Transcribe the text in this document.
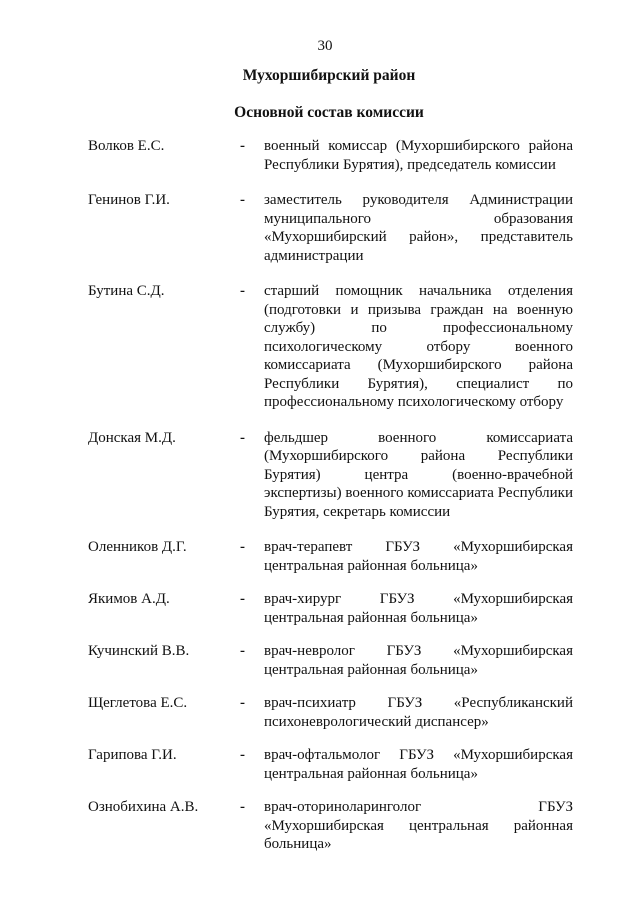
30
Мухоршибирский район
Основной состав комиссии
Волков Е.С.	-	военный комиссар (Мухоршибирского района Республики Бурятия), председатель комиссии
Генинов Г.И.	-	заместитель руководителя Администрации муниципального образования «Мухоршибирский район», представитель администрации
Бутина С.Д.	-	старший помощник начальника отделения (подготовки и призыва граждан на военную службу) по профессиональному психологическому отбору военного комиссариата (Мухоршибирского района Республики Бурятия), специалист по профессиональному психологическому отбору
Донская М.Д.	-	фельдшер военного комиссариата (Мухоршибирского района Республики Бурятия) центра (военно-врачебной экспертизы) военного комиссариата Республики Бурятия, секретарь комиссии
Оленников Д.Г.	-	врач-терапевт ГБУЗ «Мухоршибирская центральная районная больница»
Якимов А.Д.	-	врач-хирург ГБУЗ «Мухоршибирская центральная районная больница»
Кучинский В.В.	-	врач-невролог ГБУЗ «Мухоршибирская центральная районная больница»
Щеглетова Е.С.	-	врач-психиатр ГБУЗ «Республиканский психоневрологический диспансер»
Гарипова Г.И.	-	врач-офтальмолог ГБУЗ «Мухоршибирская центральная районная больница»
Ознобихина А.В.	-	врач-оториноларинголог ГБУЗ «Мухоршибирская центральная районная больница»
